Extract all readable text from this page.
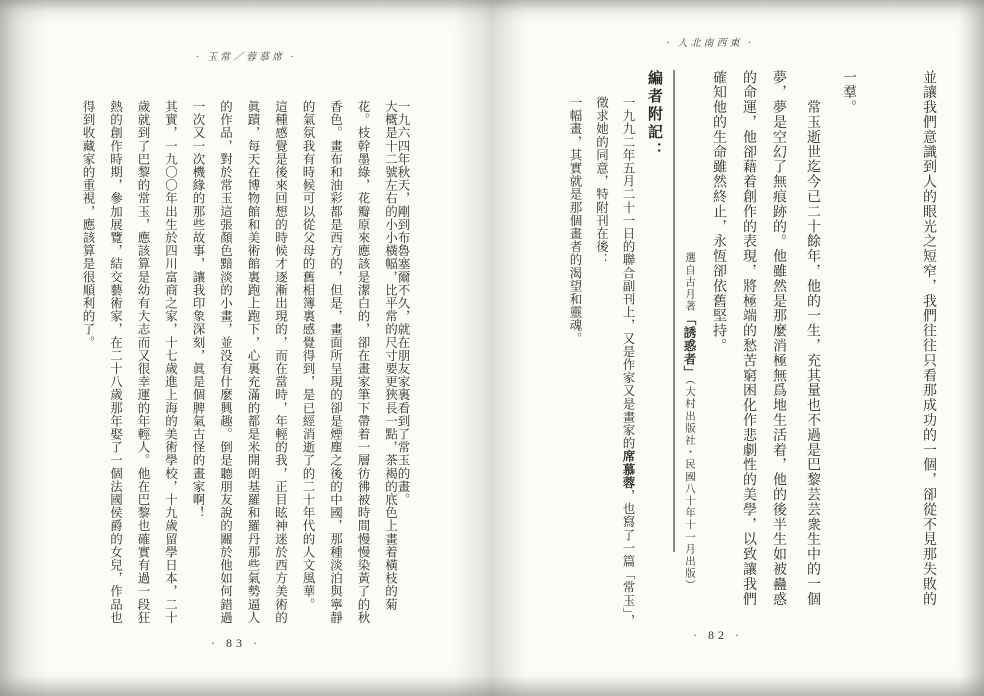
· 玉常／蓉慕席 ·
一九六四年秋天，剛到布魯塞爾不久，就在朋友家裏看到了常玉的畫。
大概是十二號左右的小小橫幅，比平常的尺寸要更狹長一點，茶褐的底色上畫着橫枝的菊
花。枝幹墨綠，花瓣原來應該是潔白的，卻在畫家筆下帶着一層彷彿被時間慢慢染黃了的秋
香色。畫布和油彩都是西方的，但是，畫面所呈現的卻是煙塵之後的中國，那種淡泊與寧靜
的氣氛我有時候可以從父母的舊相簿裏感覺得到，是已經消逝了的二十年代的人文風華。
這種感覺是後來回想的時候才逐漸出現的，而在當時，年輕的我，正目眩神迷於西方美術的
眞蹟，每天在博物館和美術館裏跑上跑下，心裏充滿的都是米開朗基羅和羅丹那些氣勢逼人
的作品，對於常玉這張顏色黯淡的小畫，並没有什麼興趣。倒是聽朋友說的關於他如何錯過
一次又一次機緣的那些故事，讓我印象深刻，眞是個脾氣古怪的畫家啊！
其實，一九〇〇年出生於四川富商之家，十七歲進上海的美術學校，十九歲留學日本，二十
歲就到了巴黎的常玉，應該算是幼有大志而又很幸運的年輕人。他在巴黎也確實有過一段狂
熱的創作時期，參加展覽，結交藝術家，在二十八歲那年娶了一個法國侯爵的女兒，作品也
得到收藏家的重視，應該算是很順利的了。
· 83 ·
· 人北南西東 ·
並讓我們意識到人的眼光之短窄，我們往往只看那成功的一個，卻從不見那失敗的
一羣。
　　常玉逝世迄今已二十餘年，他的一生，充其量也不過是巴黎芸芸衆生中的一個
夢，夢是空幻了無痕跡的。他雖然是那麼消極無爲地生活着，他的後半生如被蠱惑
的命運，他卻藉着創作的表現，將極端的愁苦窮困化作悲劇性的美學，以致讓我們
確知他的生命雖然終止，永恆卻依舊堅持。
選自古月著「誘惑者」（大村出版社・民國八十年十一月出版）
編者附記：
一九九二年五月二十一日的聯合副刊上，又是作家又是畫家的席慕蓉，也寫了一篇「常玉」，
徵求她的同意，特附刊在後：
一幅畫，其實就是那個畫者的渴望和靈魂。
· 82 ·
